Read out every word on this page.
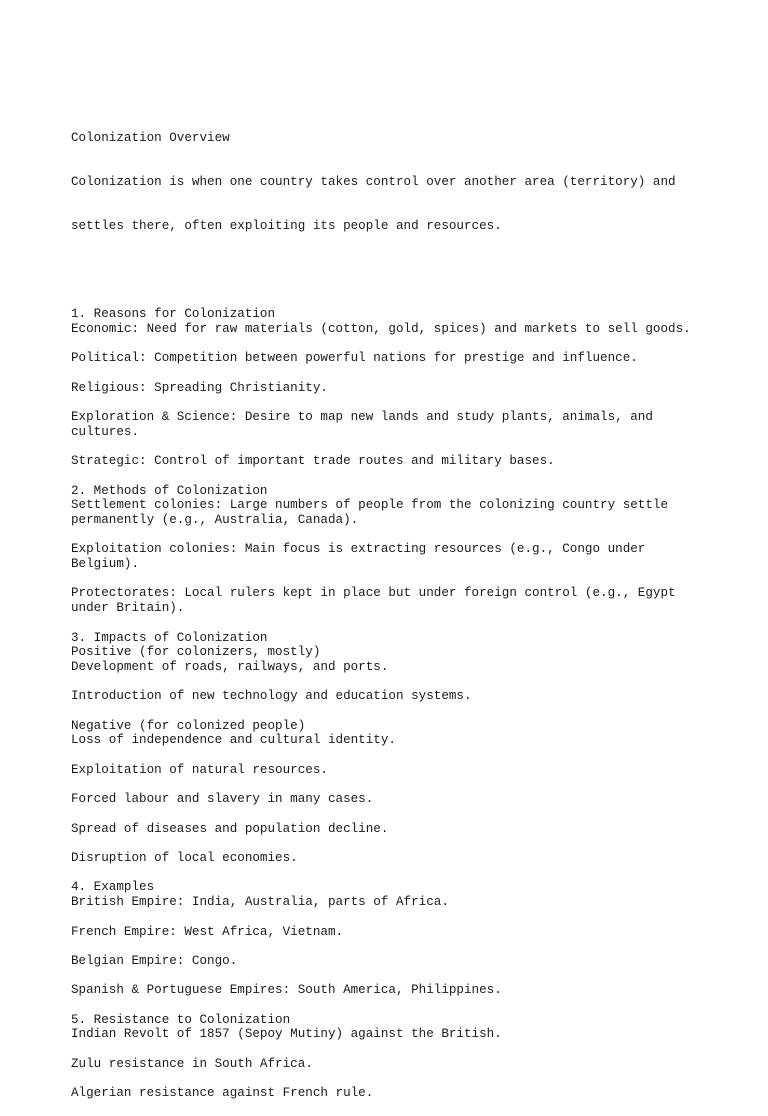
Colonization Overview

Colonization is when one country takes control over another area (territory) and

settles there, often exploiting its people and resources.

1. Reasons for Colonization
Economic: Need for raw materials (cotton, gold, spices) and markets to sell goods.
Political: Competition between powerful nations for prestige and influence.
Religious: Spreading Christianity.
Exploration & Science: Desire to map new lands and study plants, animals, and
cultures.
Strategic: Control of important trade routes and military bases.
2. Methods of Colonization
Settlement colonies: Large numbers of people from the colonizing country settle
permanently (e.g., Australia, Canada).
Exploitation colonies: Main focus is extracting resources (e.g., Congo under
Belgium).
Protectorates: Local rulers kept in place but under foreign control (e.g., Egypt
under Britain).
3. Impacts of Colonization
Positive (for colonizers, mostly)
Development of roads, railways, and ports.
Introduction of new technology and education systems.
Negative (for colonized people)
Loss of independence and cultural identity.
Exploitation of natural resources.
Forced labour and slavery in many cases.
Spread of diseases and population decline.
Disruption of local economies.
4. Examples
British Empire: India, Australia, parts of Africa.
French Empire: West Africa, Vietnam.
Belgian Empire: Congo.
Spanish & Portuguese Empires: South America, Philippines.
5. Resistance to Colonization
Indian Revolt of 1857 (Sepoy Mutiny) against the British.
Zulu resistance in South Africa.
Algerian resistance against French rule.
